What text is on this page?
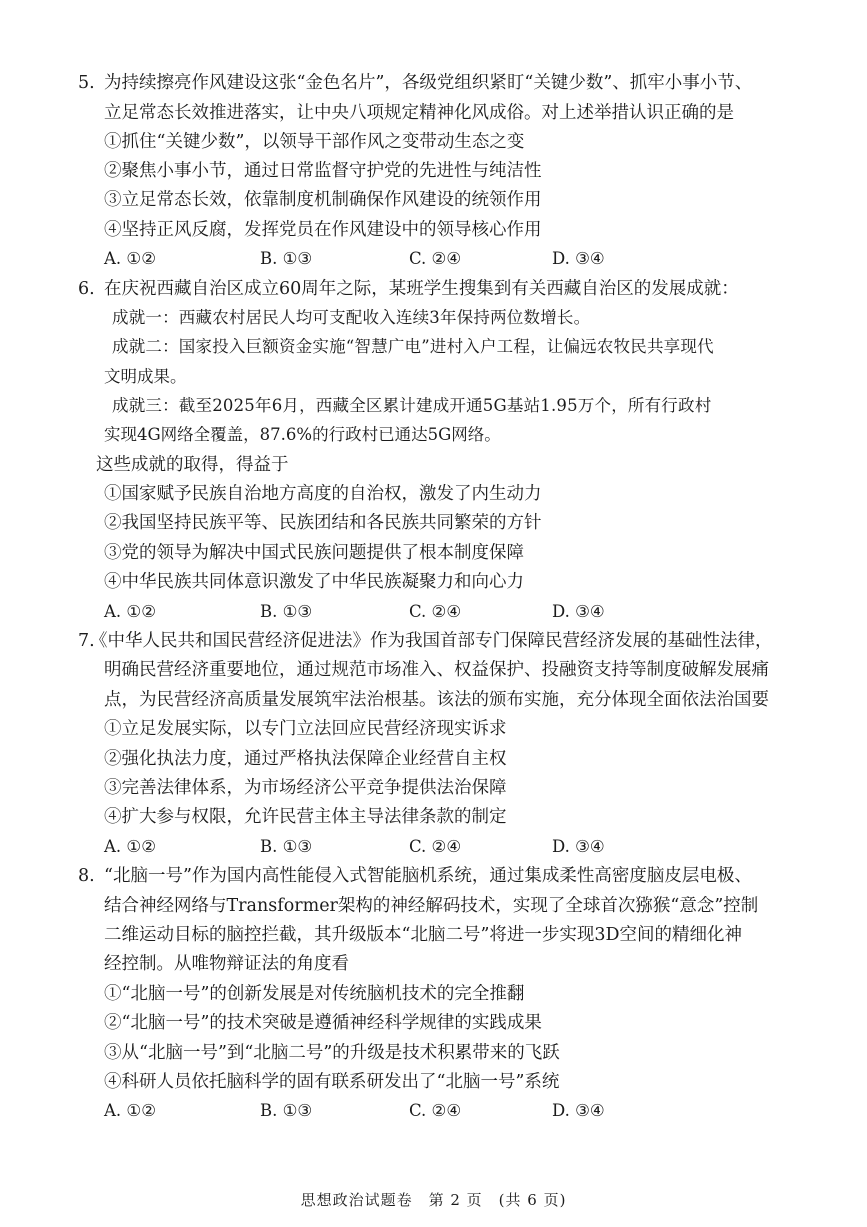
5. 为持续擦亮作风建设这张“金色名片”，各级党组织紧盯“关键少数”、抓牢小事小节、
立足常态长效推进落实，让中央八项规定精神化风成俗。对上述举措认识正确的是
①抓住“关键少数”，以领导干部作风之变带动生态之变
②聚焦小事小节，通过日常监督守护党的先进性与纯洁性
③立足常态长效，依靠制度机制确保作风建设的统领作用
④坚持正风反腐，发挥党员在作风建设中的领导核心作用
A. ①②	B. ①③	C. ②④	D. ③④
6. 在庆祝西藏自治区成立60周年之际，某班学生搜集到有关西藏自治区的发展成就：
成就一：西藏农村居民人均可支配收入连续3年保持两位数增长。
成就二：国家投入巨额资金实施“智慧广电”进村入户工程，让偏远农牧民共享现代
文明成果。
成就三：截至2025年6月，西藏全区累计建成开通5G基站1.95万个，所有行政村
实现4G网络全覆盖，87.6%的行政村已通达5G网络。
这些成就的取得，得益于
①国家赋予民族自治地方高度的自治权，激发了内生动力
②我国坚持民族平等、民族团结和各民族共同繁荣的方针
③党的领导为解决中国式民族问题提供了根本制度保障
④中华民族共同体意识激发了中华民族凝聚力和向心力
A. ①②	B. ①③	C. ②④	D. ③④
7.
《中华人民共和国民营经济促进法》作为我国首部专门保障民营经济发展的基础性法律，
明确民营经济重要地位，通过规范市场准入、权益保护、投融资支持等制度破解发展痛
点，为民营经济高质量发展筑牢法治根基。该法的颁布实施，充分体现全面依法治国要
①立足发展实际，以专门立法回应民营经济现实诉求
②强化执法力度，通过严格执法保障企业经营自主权
③完善法律体系，为市场经济公平竞争提供法治保障
④扩大参与权限，允许民营主体主导法律条款的制定
A. ①②	B. ①③	C. ②④	D. ③④
8. “北脑一号”作为国内高性能侵入式智能脑机系统，通过集成柔性高密度脑皮层电极、
结合神经网络与Transformer架构的神经解码技术，实现了全球首次猕猴“意念”控制
二维运动目标的脑控拦截，其升级版本“北脑二号”将进一步实现3D空间的精细化神
经控制。从唯物辩证法的角度看
①“北脑一号”的创新发展是对传统脑机技术的完全推翻
②“北脑一号”的技术突破是遵循神经科学规律的实践成果
③从“北脑一号”到“北脑二号”的升级是技术积累带来的飞跃
④科研人员依托脑科学的固有联系研发出了“北脑一号”系统
A. ①②	B. ①③	C. ②④	D. ③④
思想政治试题卷　第 2 页　(共 6 页)
